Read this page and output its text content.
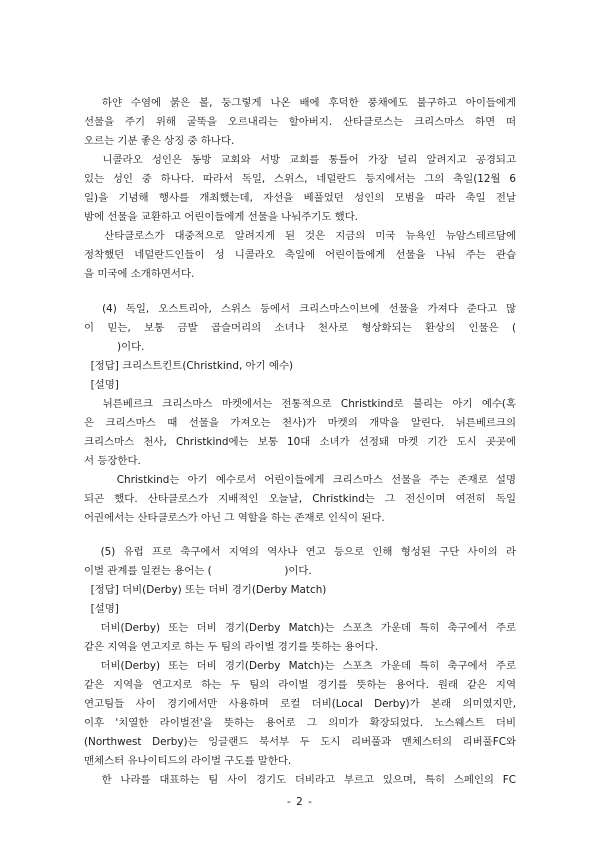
하얀 수염에 붉은 볼, 둥그렇게 나온 배에 후덕한 풍채에도 불구하고 아이들에게
선물을 주기 위해 굴뚝을 오르내리는 할아버지. 산타클로스는 크리스마스 하면 떠
오르는 기분 좋은 상징 중 하나다.
니콜라오 성인은 동방 교회와 서방 교회를 통틀어 가장 널리 알려지고 공경되고
있는 성인 중 하나다. 따라서 독일, 스위스, 네덜란드 등지에서는 그의 축일(12월 6
일)을 기념해 행사를 개최했는데, 자선을 베풀었던 성인의 모범을 따라 축일 전날
밤에 선물을 교환하고 어린이들에게 선물을 나눠주기도 했다.
산타클로스가 대중적으로 알려지게 된 것은 지금의 미국 뉴욕인 뉴암스테르담에
정착했던 네덜란드인들이 성 니콜라오 축일에 어린이들에게 선물을 나눠 주는 관습
을 미국에 소개하면서다.
(4) 독일, 오스트리아, 스위스 등에서 크리스마스이브에 선물을 가져다 준다고 많
이 믿는, 보통 금발 곱슬머리의 소녀나 천사로 형상화되는 환상의 인물은 (
)이다.
[정답] 크리스트킨트(Christkind, 아기 예수)
[설명]
뉘른베르크 크리스마스 마켓에서는 전통적으로 Christkind로 불리는 아기 예수(혹
은 크리스마스 때 선물을 가져오는 천사)가 마켓의 개막을 알린다. 뉘른베르크의
크리스마스 천사, Christkind에는 보통 10대 소녀가 선정돼 마켓 기간 도시 곳곳에
서 등장한다.
Christkind는 아기 예수로서 어린이들에게 크리스마스 선물을 주는 존재로 설명
되곤 했다. 산타클로스가 지배적인 오늘날, Christkind는 그 전신이며 여전히 독일
어권에서는 산타클로스가 아닌 그 역할을 하는 존재로 인식이 된다.
(5) 유럽 프로 축구에서 지역의 역사나 연고 등으로 인해 형성된 구단 사이의 라
이벌 관계를 일컫는 용어는 (                      )이다.
[정답] 더비(Derby) 또는 더비 경기(Derby Match)
[설명]
더비(Derby) 또는 더비 경기(Derby Match)는 스포츠 가운데 특히 축구에서 주로
같은 지역을 연고지로 하는 두 팀의 라이벌 경기를 뜻하는 용어다.
더비(Derby) 또는 더비 경기(Derby Match)는 스포츠 가운데 특히 축구에서 주로
같은 지역을 연고지로 하는 두 팀의 라이벌 경기를 뜻하는 용어다. 원래 같은 지역
연고팀들 사이 경기에서만 사용하며 로컬 더비(Local Derby)가 본래 의미였지만,
이후 '치열한 라이벌전'을 뜻하는 용어로 그 의미가 확장되었다. 노스웨스트 더비
(Northwest Derby)는 잉글랜드 북서부 두 도시 리버풀과 맨체스터의 리버풀FC와
맨체스터 유나이티드의 라이벌 구도를 말한다.
한 나라를 대표하는 팀 사이 경기도 더비라고 부르고 있으며, 특히 스페인의 FC
- 2 -
